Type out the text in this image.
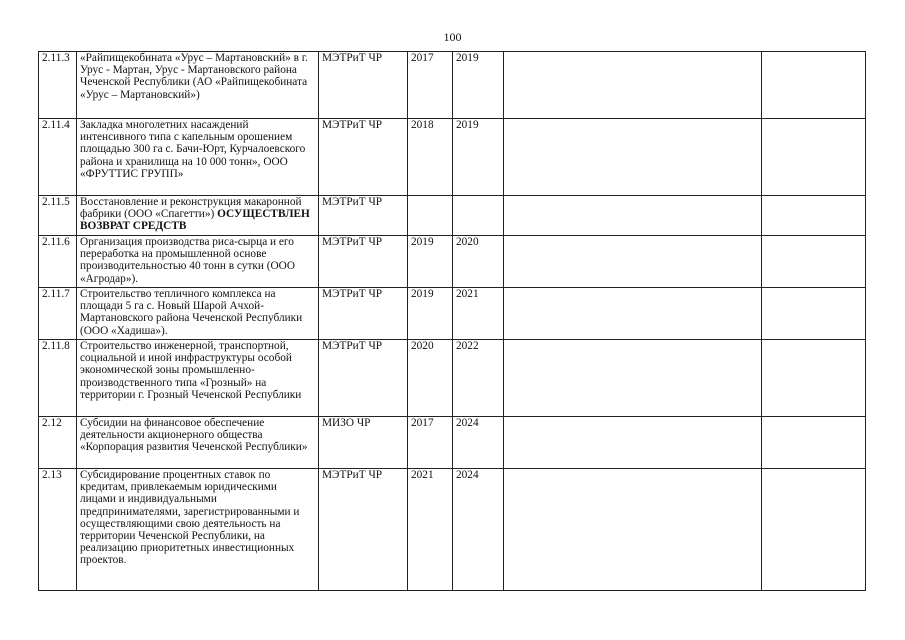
100
2.11.3	«Райпищекобината «Урус – Мартановский» в г. Урус - Мартан, Урус - Мартановского района Чеченской Республики (АО «Райпищекобината «Урус – Мартановский»)	МЭТРиТ ЧР	2017	2019		
2.11.4	Закладка многолетних насаждений интенсивного типа с капельным орошением площадью 300 га с. Бачи-Юрт, Курчалоевского района и хранилища на 10 000 тонн», ООО «ФРУТТИС ГРУПП»	МЭТРиТ ЧР	2018	2019		
2.11.5	Восстановление и реконструкция макаронной фабрики (ООО «Спагетти») ОСУЩЕСТВЛЕН ВОЗВРАТ СРЕДСТВ	МЭТРиТ ЧР				
2.11.6	Организация производства риса-сырца и его переработка на промышленной основе производительностью 40 тонн в сутки (ООО «Агродар»).	МЭТРиТ ЧР	2019	2020		
2.11.7	Строительство тепличного комплекса на площади 5 га с. Новый Шарой Ачхой-Мартановского района Чеченской Республики (ООО «Хадиша»).	МЭТРиТ ЧР	2019	2021		
2.11.8	Строительство инженерной, транспортной, социальной и иной инфраструктуры особой экономической зоны промышленно-производственного типа «Грозный» на территории г. Грозный Чеченской Республики	МЭТРиТ ЧР	2020	2022		
2.12	Субсидии на финансовое обеспечение деятельности акционерного общества «Корпорация развития Чеченской Республики»	МИЗО ЧР	2017	2024		
2.13	Субсидирование процентных ставок по кредитам, привлекаемым юридическими лицами и индивидуальными предпринимателями, зарегистрированными и осуществляющими свою деятельность на территории Чеченской Республики, на реализацию приоритетных инвестиционных проектов.	МЭТРиТ ЧР	2021	2024		
